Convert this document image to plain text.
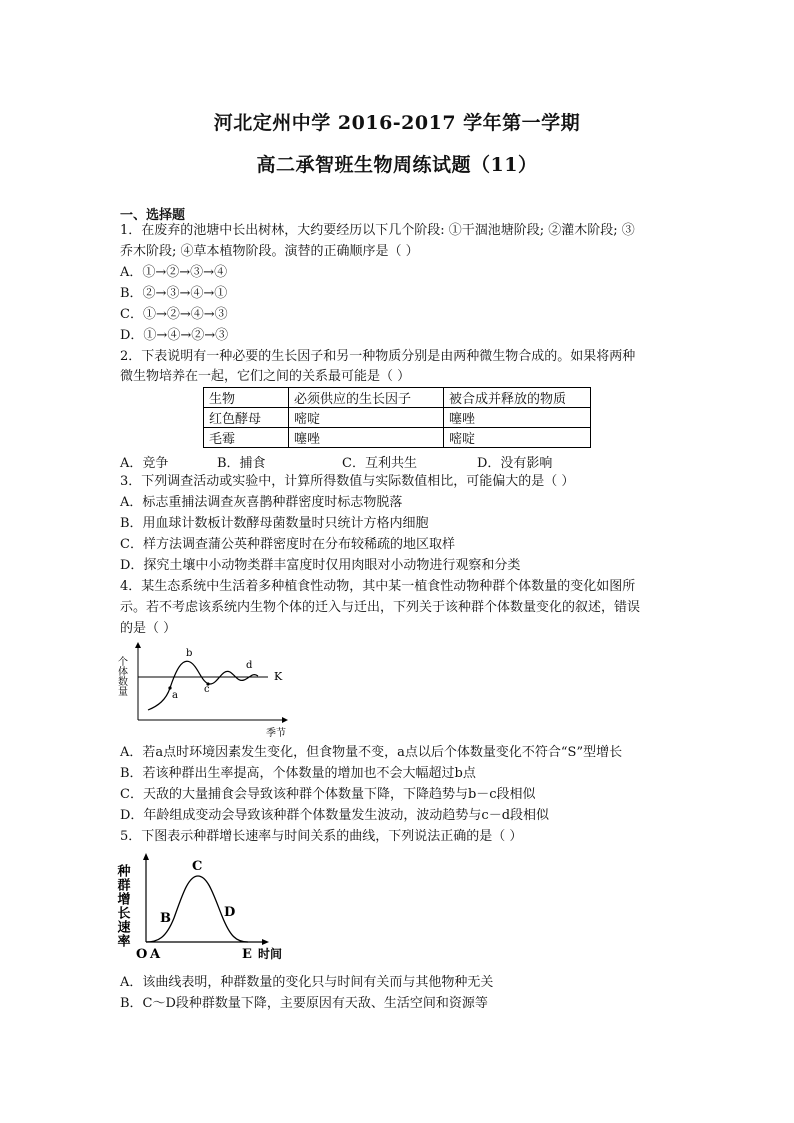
河北定州中学 2016-2017 学年第一学期
高二承智班生物周练试题（11）
一、选择题
1．在废弃的池塘中长出树林，大约要经历以下几个阶段: ①干涸池塘阶段; ②灌木阶段; ③
乔木阶段; ④草本植物阶段。演替的正确顺序是（ ）
A．①→②→③→④
B．②→③→④→①
C．①→②→④→③
D．①→④→②→③
2．下表说明有一种必要的生长因子和另一种物质分别是由两种微生物合成的。如果将两种
微生物培养在一起，它们之间的关系最可能是（ ）
生物	必须供应的生长因子	被合成并释放的物质
红色酵母	嘧啶	噻唑
毛霉	噻唑	嘧啶
A．竞争	B．捕食	C．互利共生	D．没有影响
3．下列调查活动或实验中，计算所得数值与实际数值相比，可能偏大的是（ ）
A．标志重捕法调查灰喜鹊种群密度时标志物脱落
B．用血球计数板计数酵母菌数量时只统计方格内细胞
C．样方法调查蒲公英种群密度时在分布较稀疏的地区取样
D．探究土壤中小动物类群丰富度时仅用肉眼对小动物进行观察和分类
4．某生态系统中生活着多种植食性动物，其中某一植食性动物种群个体数量的变化如图所
示。若不考虑该系统内生物个体的迁入与迁出，下列关于该种群个体数量变化的叙述，错误
的是（ ）
个体数量	K
a
b
c
d
季节
A．若a点时环境因素发生变化，但食物量不变，a点以后个体数量变化不符合“S”型增长
B．若该种群出生率提高，个体数量的增加也不会大幅超过b点
C．天敌的大量捕食会导致该种群个体数量下降，下降趋势与b－c段相似
D．年龄组成变动会导致该种群个体数量发生波动，波动趋势与c－d段相似
5．下图表示种群增长速率与时间关系的曲线，下列说法正确的是（ ）
种群增长速率
O A
B
C
D
E 时间
A．该曲线表明，种群数量的变化只与时间有关而与其他物种无关
B．C～D段种群数量下降，主要原因有天敌、生活空间和资源等
